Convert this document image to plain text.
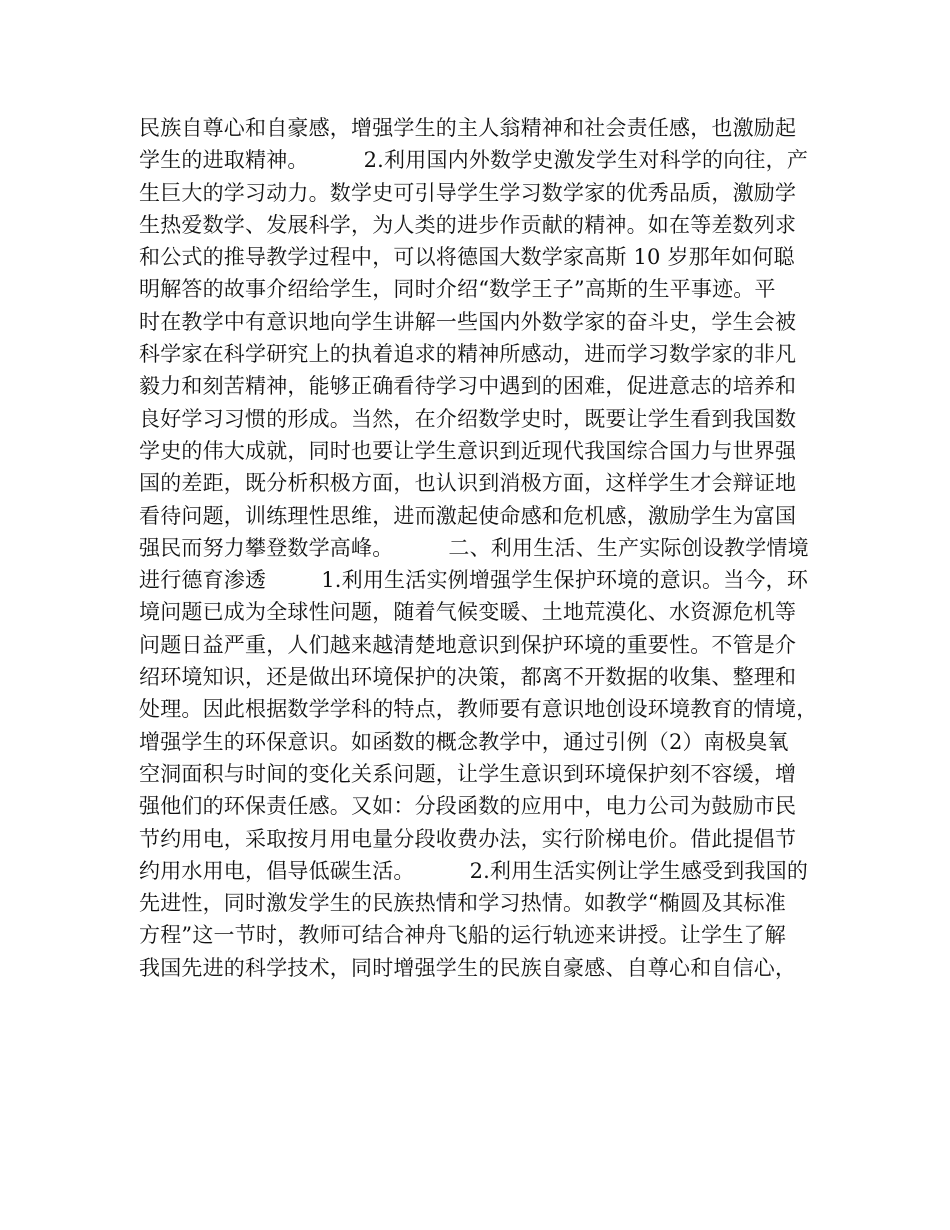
民族自尊心和自豪感，增强学生的主人翁精神和社会责任感，也激励起
学生的进取精神。        2.利用国内外数学史激发学生对科学的向往，产
生巨大的学习动力。数学史可引导学生学习数学家的优秀品质，激励学
生热爱数学、发展科学，为人类的进步作贡献的精神。如在等差数列求
和公式的推导教学过程中，可以将德国大数学家高斯 10 岁那年如何聪
明解答的故事介绍给学生，同时介绍“数学王子”高斯的生平事迹。平
时在教学中有意识地向学生讲解一些国内外数学家的奋斗史，学生会被
科学家在科学研究上的执着追求的精神所感动，进而学习数学家的非凡
毅力和刻苦精神，能够正确看待学习中遇到的困难，促进意志的培养和
良好学习习惯的形成。当然，在介绍数学史时，既要让学生看到我国数
学史的伟大成就，同时也要让学生意识到近现代我国综合国力与世界强
国的差距，既分析积极方面，也认识到消极方面，这样学生才会辩证地
看待问题，训练理性思维，进而激起使命感和危机感，激励学生为富国
强民而努力攀登数学高峰。        二、利用生活、生产实际创设教学情境
进行德育渗透        1.利用生活实例增强学生保护环境的意识。当今，环
境问题已成为全球性问题，随着气候变暖、土地荒漠化、水资源危机等
问题日益严重，人们越来越清楚地意识到保护环境的重要性。不管是介
绍环境知识，还是做出环境保护的决策，都离不开数据的收集、整理和
处理。因此根据数学学科的特点，教师要有意识地创设环境教育的情境，
增强学生的环保意识。如函数的概念教学中，通过引例（2）南极臭氧
空洞面积与时间的变化关系问题，让学生意识到环境保护刻不容缓，增
强他们的环保责任感。又如：分段函数的应用中，电力公司为鼓励市民
节约用电，采取按月用电量分段收费办法，实行阶梯电价。借此提倡节
约用水用电，倡导低碳生活。        2.利用生活实例让学生感受到我国的
先进性，同时激发学生的民族热情和学习热情。如教学“椭圆及其标准
方程”这一节时，教师可结合神舟飞船的运行轨迹来讲授。让学生了解
我国先进的科学技术，同时增强学生的民族自豪感、自尊心和自信心，
